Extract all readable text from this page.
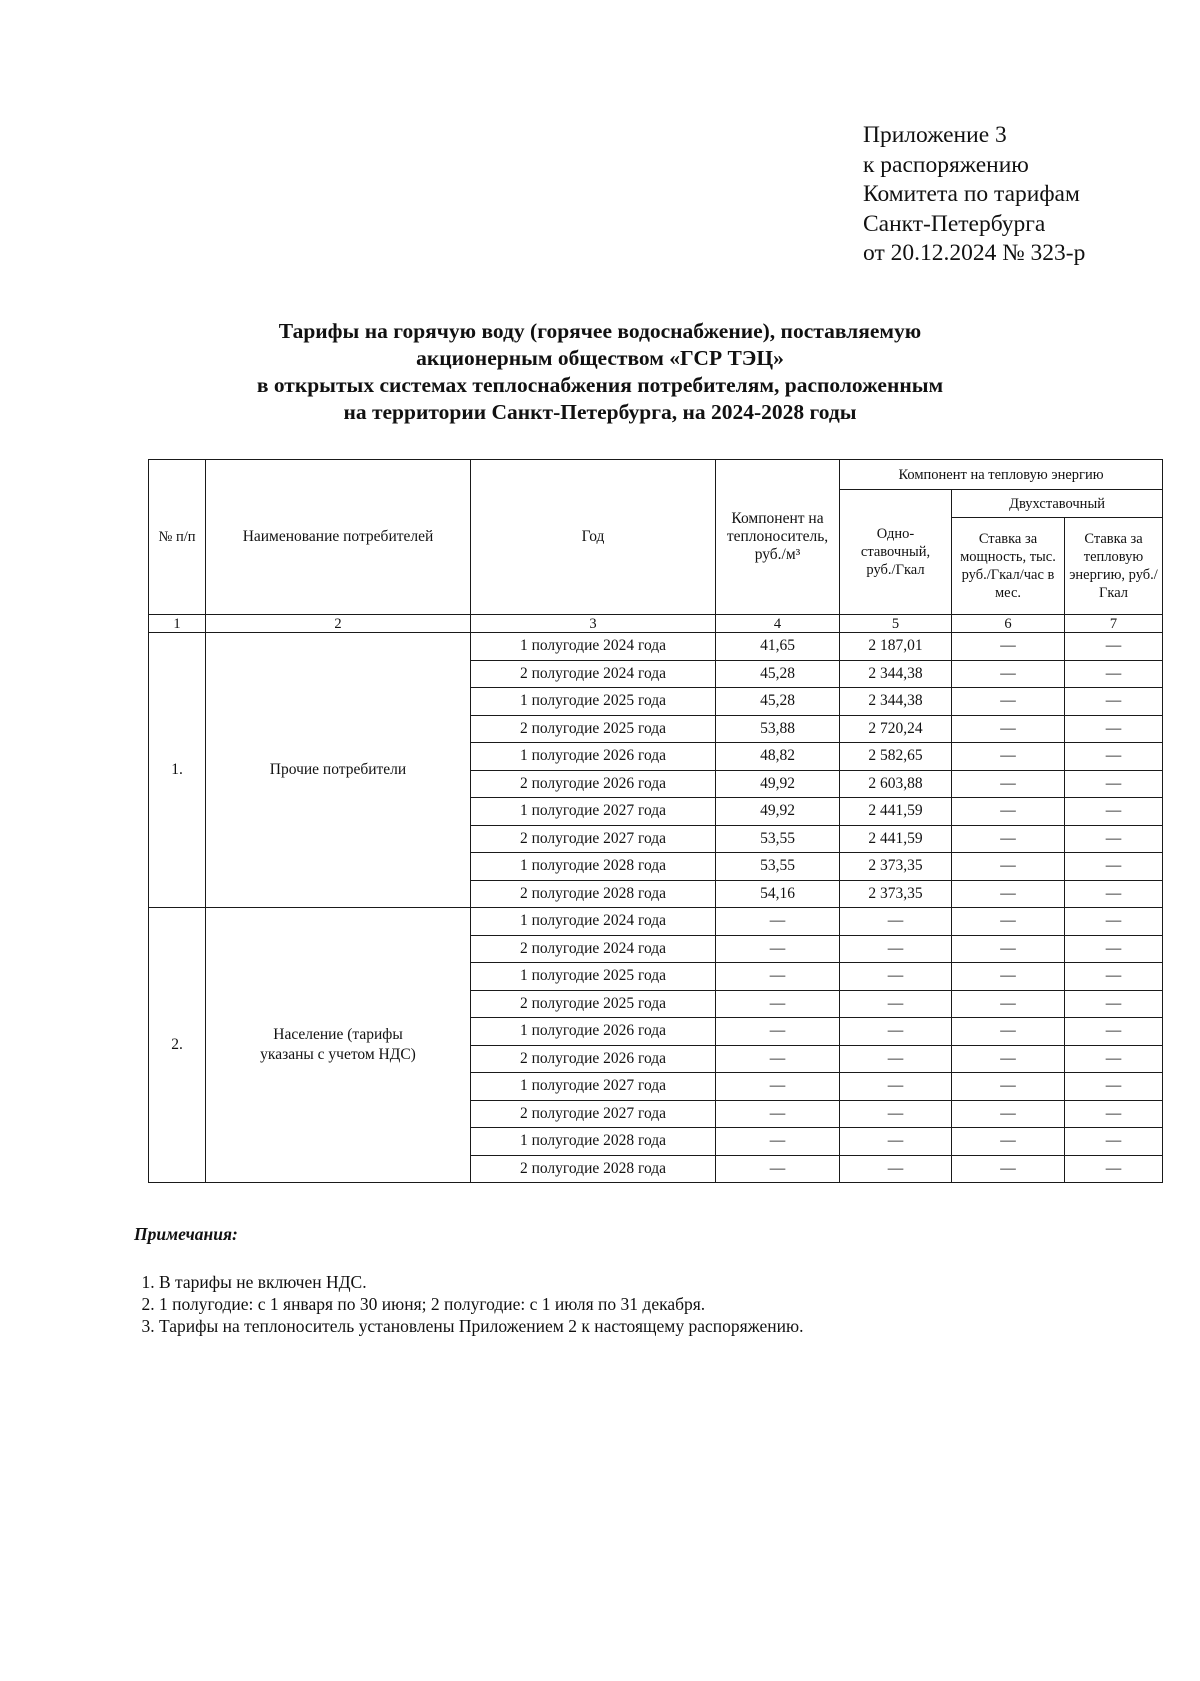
Приложение 3
к распоряжению
Комитета по тарифам
Санкт-Петербурга
от 20.12.2024 № 323-р
Тарифы на горячую воду (горячее водоснабжение), поставляемую
акционерным обществом «ГСР ТЭЦ»
в открытых системах теплоснабжения потребителям, расположенным
на территории Санкт-Петербурга, на 2024-2028 годы
№ п/п	Наименование потребителей	Год	Компонент на теплоноситель, руб./м³	Компонент на тепловую энергию		
				Одно-ставочный, руб./Гкал	Двухставочный	
					Ставка за мощность, тыс. руб./Гкал/час в мес.	Ставка за тепловую энергию, руб./Гкал
1	2	3	4	5	6	7
1.	Прочие потребители	1 полугодие 2024 года	41,65	2 187,01	—	—
		2 полугодие 2024 года	45,28	2 344,38	—	—
		1 полугодие 2025 года	45,28	2 344,38	—	—
		2 полугодие 2025 года	53,88	2 720,24	—	—
		1 полугодие 2026 года	48,82	2 582,65	—	—
		2 полугодие 2026 года	49,92	2 603,88	—	—
		1 полугодие 2027 года	49,92	2 441,59	—	—
		2 полугодие 2027 года	53,55	2 441,59	—	—
		1 полугодие 2028 года	53,55	2 373,35	—	—
		2 полугодие 2028 года	54,16	2 373,35	—	—
2.	Население (тарифы указаны с учетом НДС)	1 полугодие 2024 года	—	—	—	—
		2 полугодие 2024 года	—	—	—	—
		1 полугодие 2025 года	—	—	—	—
		2 полугодие 2025 года	—	—	—	—
		1 полугодие 2026 года	—	—	—	—
		2 полугодие 2026 года	—	—	—	—
		1 полугодие 2027 года	—	—	—	—
		2 полугодие 2027 года	—	—	—	—
		1 полугодие 2028 года	—	—	—	—
		2 полугодие 2028 года	—	—	—	—
Примечания:
1. В тарифы не включен НДС.
2. 1 полугодие: с 1 января по 30 июня; 2 полугодие: с 1 июля по 31 декабря.
3. Тарифы на теплоноситель установлены Приложением 2 к настоящему распоряжению.
